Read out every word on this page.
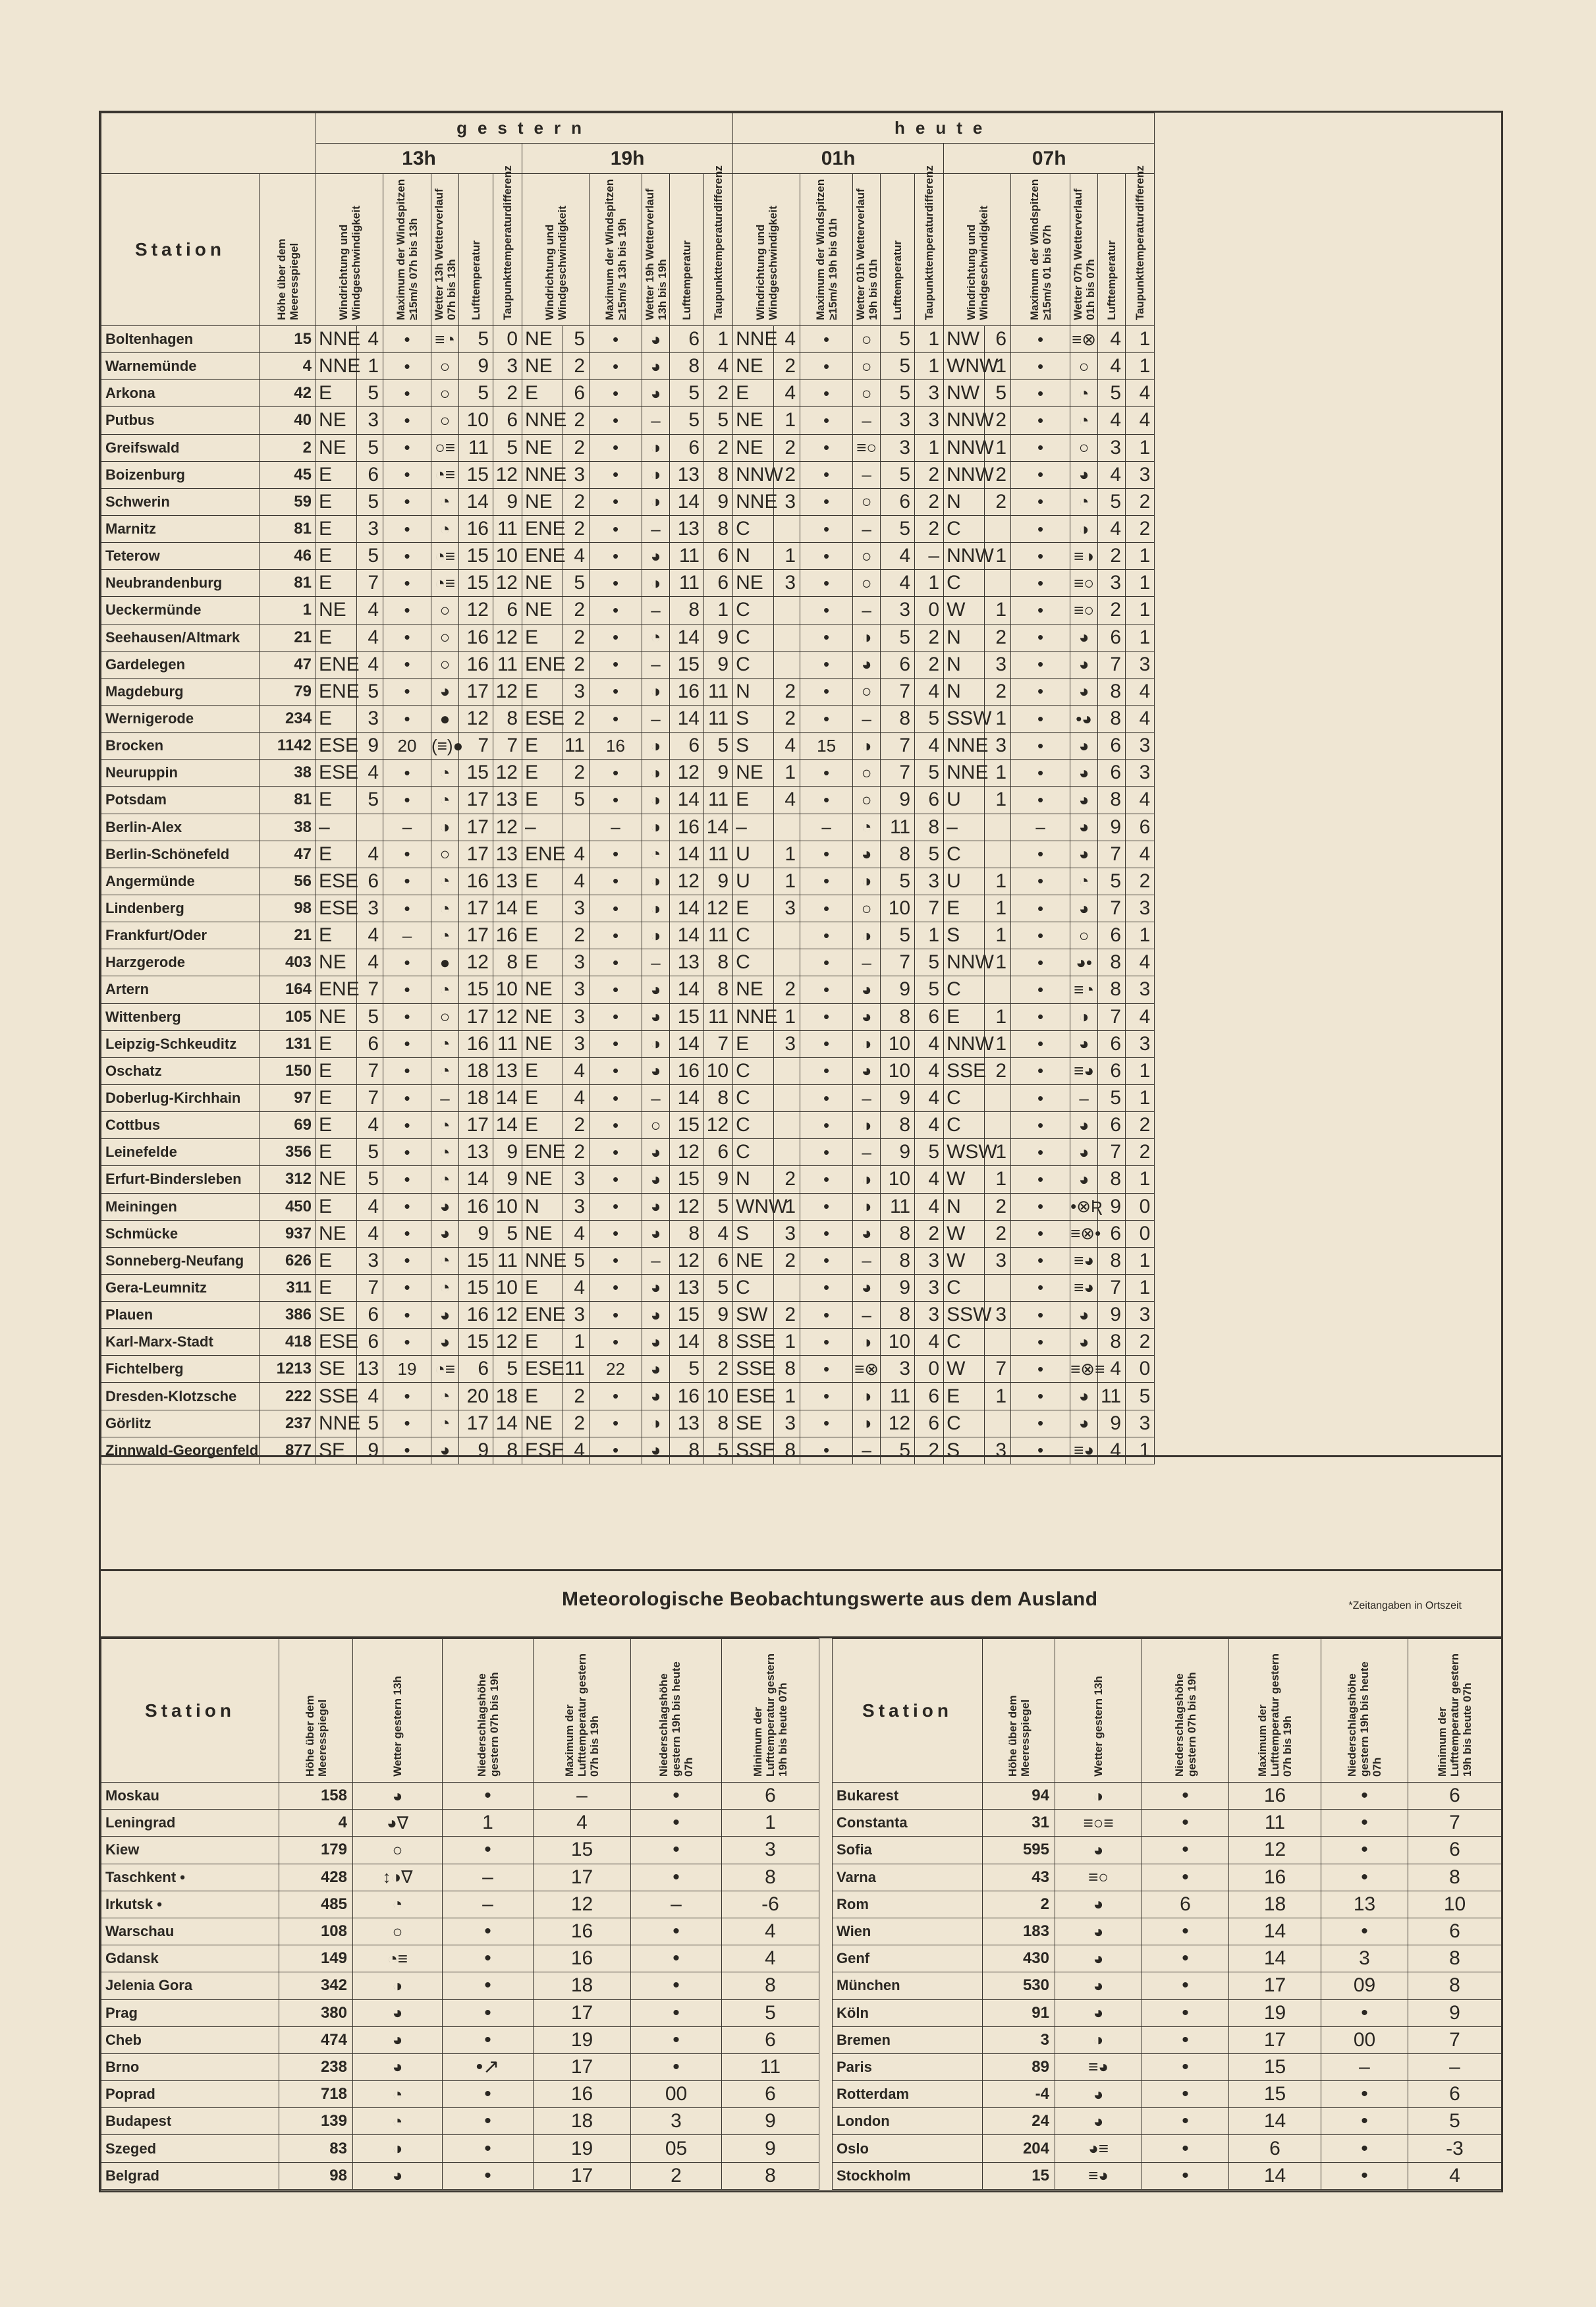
		gestern												heute											
		13h						19h						01h						07h					
Station	Höhe über dem Meeresspiegel	Windrichtung und Windgeschwindigkeit		Maximum der Windspitzen ≥15m/s 07h bis 13h	Wetter 13h Wetterverlauf 07h bis 13h	Lufttemperatur	Taupunkttemperaturdifferenz	Windrichtung und Windgeschwindigkeit		Maximum der Windspitzen ≥15m/s 13h bis 19h	Wetter 19h Wetterverlauf 13h bis 19h	Lufttemperatur	Taupunkttemperaturdifferenz	Windrichtung und Windgeschwindigkeit		Maximum der Windspitzen ≥15m/s 19h bis 01h	Wetter 01h Wetterverlauf 19h bis 01h	Lufttemperatur	Taupunkttemperaturdifferenz	Windrichtung und Windgeschwindigkeit		Maximum der Windspitzen ≥15m/s 01 bis 07h	Wetter 07h Wetterverlauf 01h bis 07h	Lufttemperatur	Taupunkttemperaturdifferenz

Boltenhagen	15	NNE	4	•	≡◔	5	0	NE	5	•	◕	6	1	NNE	4	•	○	5	1	NW	6	•	≡⊗	4	1
Warnemünde	4	NNE	1	•	○	9	3	NE	2	•	◕	8	4	NE	2	•	○	5	1	WNW	1	•	○	4	1
Arkona	42	E	5	•	○	5	2	E	6	•	◕	5	2	E	4	•	○	5	3	NW	5	•	◔	5	4
Putbus	40	NE	3	•	○	10	6	NNE	2	•	–	5	5	NE	1	•	–	3	3	NNW	2	•	◔	4	4
Greifswald	2	NE	5	•	○≡	11	5	NE	2	•	◑	6	2	NE	2	•	≡○	3	1	NNW	1	•	○	3	1
Boizenburg	45	E	6	•	◔≡	15	12	NNE	3	•	◑	13	8	NNW	2	•	–	5	2	NNW	2	•	◕	4	3
Schwerin	59	E	5	•	◔	14	9	NE	2	•	◑	14	9	NNE	3	•	○	6	2	N	2	•	◔	5	2
Marnitz	81	E	3	•	◔	16	11	ENE	2	•	–	13	8	C		•	–	5	2	C		•	◑	4	2
Teterow	46	E	5	•	◔≡	15	10	ENE	4	•	◕	11	6	N	1	•	○	4	–	NNW	1	•	≡◑	2	1
Neubrandenburg	81	E	7	•	◔≡	15	12	NE	5	•	◑	11	6	NE	3	•	○	4	1	C		•	≡○	3	1
Ueckermünde	1	NE	4	•	○	12	6	NE	2	•	–	8	1	C		•	–	3	0	W	1	•	≡○	2	1
Seehausen/Altmark	21	E	4	•	○	16	12	E	2	•	◔	14	9	C		•	◑	5	2	N	2	•	◕	6	1
Gardelegen	47	ENE	4	•	○	16	11	ENE	2	•	–	15	9	C		•	◕	6	2	N	3	•	◕	7	3
Magdeburg	79	ENE	5	•	◕	17	12	E	3	•	◑	16	11	N	2	•	○	7	4	N	2	•	◕	8	4
Wernigerode	234	E	3	•	●	12	8	ESE	2	•	–	14	11	S	2	•	–	8	5	SSW	1	•	•◕	8	4
Brocken	1142	ESE	9	20	(≡)●	7	7	E	11	16	◑	6	5	S	4	15	◑	7	4	NNE	3	•	◕	6	3
Neuruppin	38	ESE	4	•	◔	15	12	E	2	•	◑	12	9	NE	1	•	○	7	5	NNE	1	•	◕	6	3
Potsdam	81	E	5	•	◔	17	13	E	5	•	◑	14	11	E	4	•	○	9	6	U	1	•	◕	8	4
Berlin-Alex	38	–		–	◑	17	12	–		–	◑	16	14	–		–	◔	11	8	–		–	◕	9	6
Berlin-Schönefeld	47	E	4	•	○	17	13	ENE	4	•	◔	14	11	U	1	•	◕	8	5	C		•	◕	7	4
Angermünde	56	ESE	6	•	◔	16	13	E	4	•	◑	12	9	U	1	•	◑	5	3	U	1	•	◔	5	2
Lindenberg	98	ESE	3	•	◔	17	14	E	3	•	◑	14	12	E	3	•	○	10	7	E	1	•	◕	7	3
Frankfurt/Oder	21	E	4	–	◔	17	16	E	2	•	◑	14	11	C		•	◑	5	1	S	1	•	○	6	1
Harzgerode	403	NE	4	•	●	12	8	E	3	•	–	13	8	C		•	–	7	5	NNW	1	•	◕•	8	4
Artern	164	ENE	7	•	◔	15	10	NE	3	•	◕	14	8	NE	2	•	◕	9	5	C		•	≡◔	8	3
Wittenberg	105	NE	5	•	○	17	12	NE	3	•	◕	15	11	NNE	1	•	◕	8	6	E	1	•	◑	7	4
Leipzig-Schkeuditz	131	E	6	•	◔	16	11	NE	3	•	◑	14	7	E	3	•	◑	10	4	NNW	1	•	◕	6	3
Oschatz	150	E	7	•	◔	18	13	E	4	•	◕	16	10	C		•	◕	10	4	SSE	2	•	≡◕	6	1
Doberlug-Kirchhain	97	E	7	•	–	18	14	E	4	•	–	14	8	C		•	–	9	4	C		•	–	5	1
Cottbus	69	E	4	•	◔	17	14	E	2	•	○	15	12	C		•	◑	8	4	C		•	◕	6	2
Leinefelde	356	E	5	•	◔	13	9	ENE	2	•	◕	12	6	C		•	–	9	5	WSW	1	•	◕	7	2
Erfurt-Bindersleben	312	NE	5	•	◔	14	9	NE	3	•	◕	15	9	N	2	•	◑	10	4	W	1	•	◕	8	1
Meiningen	450	E	4	•	◕	16	10	N	3	•	◕	12	5	WNW	1	•	◑	11	4	N	2	•	•⊗Ʀ	9	0
Schmücke	937	NE	4	•	◕	9	5	NE	4	•	◕	8	4	S	3	•	◕	8	2	W	2	•	≡⊗•	6	0
Sonneberg-Neufang	626	E	3	•	◔	15	11	NNE	5	•	–	12	6	NE	2	•	–	8	3	W	3	•	≡◕	8	1
Gera-Leumnitz	311	E	7	•	◔	15	10	E	4	•	◕	13	5	C		•	◕	9	3	C		•	≡◕	7	1
Plauen	386	SE	6	•	◕	16	12	ENE	3	•	◕	15	9	SW	2	•	–	8	3	SSW	3	•	◕	9	3
Karl-Marx-Stadt	418	ESE	6	•	◕	15	12	E	1	•	◕	14	8	SSE	1	•	◑	10	4	C		•	◕	8	2
Fichtelberg	1213	SE	13	19	◔≡	6	5	ESE	11	22	◕	5	2	SSE	8	•	≡⊗	3	0	W	7	•	≡⊗≡	4	0
Dresden-Klotzsche	222	SSE	4	•	◔	20	18	E	2	•	◕	16	10	ESE	1	•	◑	11	6	E	1	•	◕	11	5
Görlitz	237	NNE	5	•	◔	17	14	NE	2	•	◑	13	8	SE	3	•	◑	12	6	C		•	◕	9	3
Zinnwald-Georgenfeld	877	SE	9	•	◕	9	8	ESE	4	•	◕	8	5	SSE	8	•	–	5	2	S	3	•	≡◕	4	1
Meteorologische Beobachtungswerte aus dem Ausland	*Zeitangaben in Ortszeit
Station	Höhe über dem Meeresspiegel	Wetter gestern 13h	Niederschlagshöhe gestern 07h bis 19h	Maximum der Lufttemperatur gestern 07h bis 19h	Niederschlagshöhe gestern 19h bis heute 07h	Minimum der Lufttemperatur gestern 19h bis heute 07h

Moskau	158	◕	•	–	•	6
Leningrad	4	◕∇	1	4	•	1
Kiew	179	○	•	15	•	3
Taschkent •	428	↕◑∇	–	17	•	8
Irkutsk •	485	◔	–	12	–	-6
Warschau	108	○	•	16	•	4
Gdansk	149	◔≡	•	16	•	4
Jelenia Gora	342	◑	•	18	•	8
Prag	380	◕	•	17	•	5
Cheb	474	◕	•	19	•	6
Brno	238	◕	•↗	17	•	11
Poprad	718	◔	•	16	00	6
Budapest	139	◔	•	18	3	9
Szeged	83	◑	•	19	05	9
Belgrad	98	◕	•	17	2	8
Station	Höhe über dem Meeresspiegel	Wetter gestern 13h	Niederschlagshöhe gestern 07h bis 19h	Maximum der Lufttemperatur gestern 07h bis 19h	Niederschlagshöhe gestern 19h bis heute 07h	Minimum der Lufttemperatur gestern 19h bis heute 07h

Bukarest	94	◑	•	16	•	6
Constanta	31	≡○≡	•	11	•	7
Sofia	595	◕	•	12	•	6
Varna	43	≡○	•	16	•	8
Rom	2	◕	6	18	13	10
Wien	183	◕	•	14	•	6
Genf	430	◕	•	14	3	8
München	530	◕	•	17	09	8
Köln	91	◕	•	19	•	9
Bremen	3	◑	•	17	00	7
Paris	89	≡◕	•	15	–	–
Rotterdam	-4	◕	•	15	•	6
London	24	◕	•	14	•	5
Oslo	204	◕≡	•	6	•	-3
Stockholm	15	≡◕	•	14	•	4
